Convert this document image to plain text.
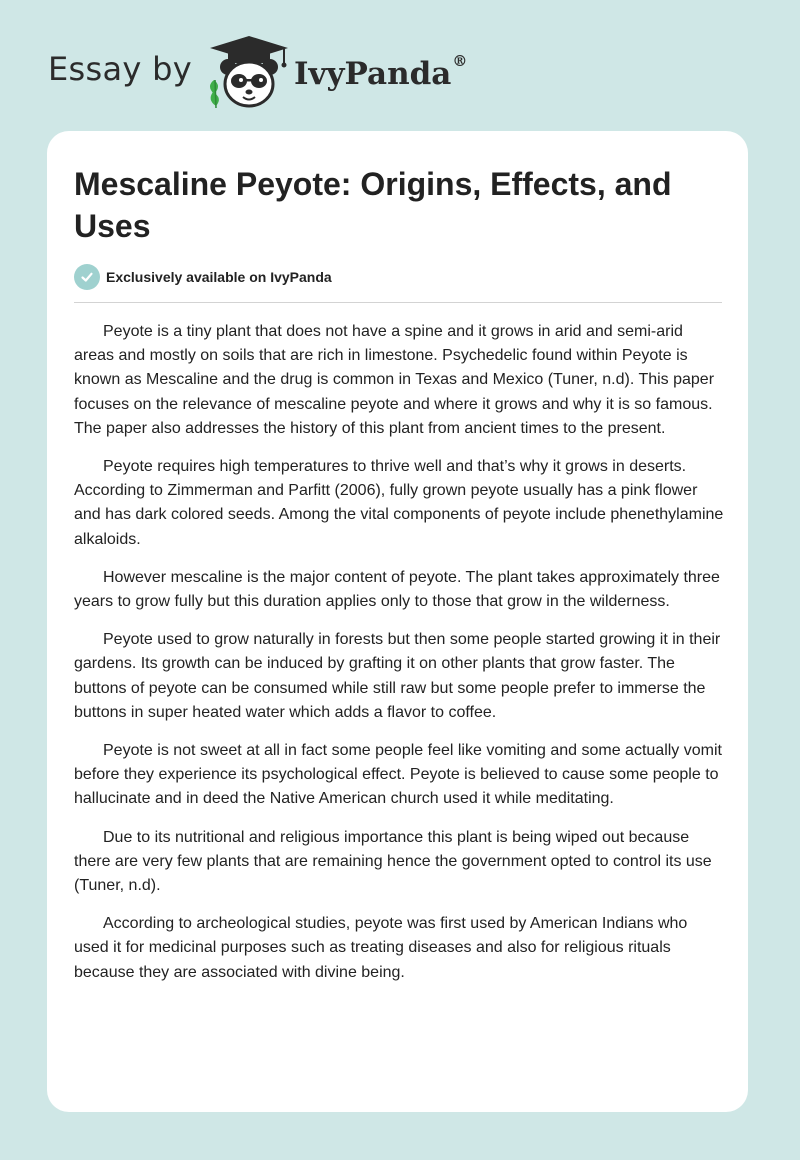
Essay by	IvyPanda®
Mescaline Peyote: Origins, Effects, and Uses
Exclusively available on IvyPanda

Peyote is a tiny plant that does not have a spine and it grows in arid and semi-arid areas and mostly on soils that are rich in limestone. Psychedelic found within Peyote is known as Mescaline and the drug is common in Texas and Mexico (Tuner, n.d). This paper focuses on the relevance of mescaline peyote and where it grows and why it is so famous. The paper also addresses the history of this plant from ancient times to the present.

Peyote requires high temperatures to thrive well and that’s why it grows in deserts. According to Zimmerman and Parfitt (2006), fully grown peyote usually has a pink flower and has dark colored seeds. Among the vital components of peyote include phenethylamine alkaloids.

However mescaline is the major content of peyote. The plant takes approximately three years to grow fully but this duration applies only to those that grow in the wilderness.

Peyote used to grow naturally in forests but then some people started growing it in their gardens. Its growth can be induced by grafting it on other plants that grow faster. The buttons of peyote can be consumed while still raw but some people prefer to immerse the buttons in super heated water which adds a flavor to coffee.

Peyote is not sweet at all in fact some people feel like vomiting and some actually vomit before they experience its psychological effect. Peyote is believed to cause some people to hallucinate and in deed the Native American church used it while meditating.

Due to its nutritional and religious importance this plant is being wiped out because there are very few plants that are remaining hence the government opted to control its use (Tuner, n.d).

According to archeological studies, peyote was first used by American Indians who used it for medicinal purposes such as treating diseases and also for religious rituals because they are associated with divine being.
